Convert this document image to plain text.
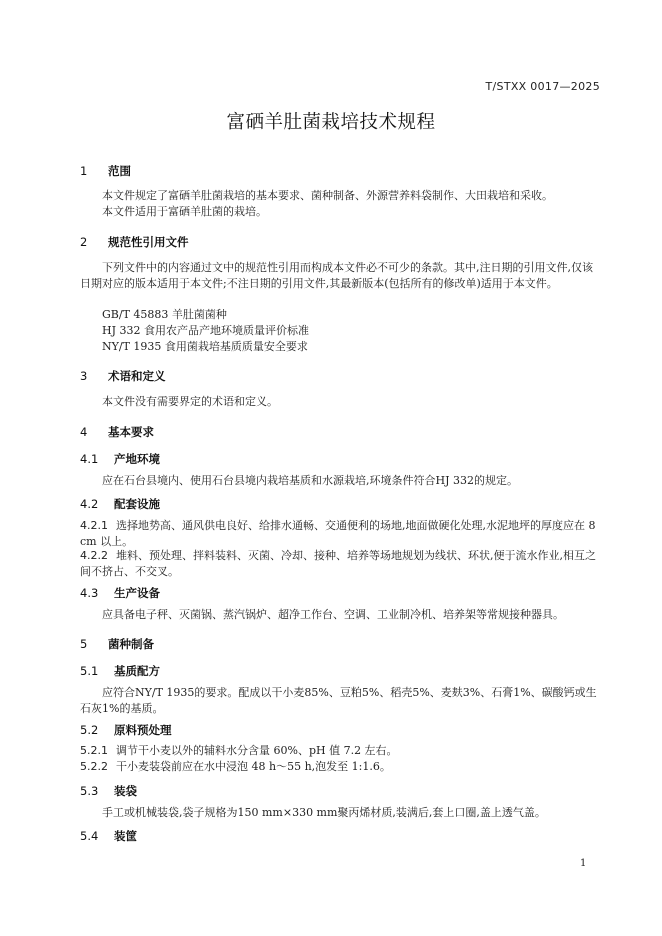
T/STXX 0017—2025
富硒羊肚菌栽培技术规程
1 范围
本文件规定了富硒羊肚菌栽培的基本要求、菌种制备、外源营养料袋制作、大田栽培和采收。
本文件适用于富硒羊肚菌的栽培。
2 规范性引用文件
下列文件中的内容通过文中的规范性引用而构成本文件必不可少的条款。其中,注日期的引用文件,仅该日期对应的版本适用于本文件;不注日期的引用文件,其最新版本(包括所有的修改单)适用于本文件。
GB/T 45883 羊肚菌菌种
HJ 332 食用农产品产地环境质量评价标准
NY/T 1935 食用菌栽培基质质量安全要求
3 术语和定义
本文件没有需要界定的术语和定义。
4 基本要求
4.1 产地环境
应在石台县境内、使用石台县境内栽培基质和水源栽培,环境条件符合HJ 332的规定。
4.2 配套设施
4.2.1 选择地势高、通风供电良好、给排水通畅、交通便利的场地,地面做硬化处理,水泥地坪的厚度应在 8 cm 以上。
4.2.2 堆料、预处理、拌料装料、灭菌、冷却、接种、培养等场地规划为线状、环状,便于流水作业,相互之间不挤占、不交叉。
4.3 生产设备
应具备电子秤、灭菌锅、蒸汽锅炉、超净工作台、空调、工业制冷机、培养架等常规接种器具。
5 菌种制备
5.1 基质配方
应符合NY/T 1935的要求。配成以干小麦85%、豆粕5%、稻壳5%、麦麸3%、石膏1%、碳酸钙或生石灰1%的基质。
5.2 原料预处理
5.2.1 调节干小麦以外的辅料水分含量 60%、pH 值 7.2 左右。
5.2.2 干小麦装袋前应在水中浸泡 48 h～55 h,泡发至 1:1.6。
5.3 装袋
手工或机械装袋,袋子规格为150 mm×330 mm聚丙烯材质,装满后,套上口圈,盖上透气盖。
5.4 装筐
1
